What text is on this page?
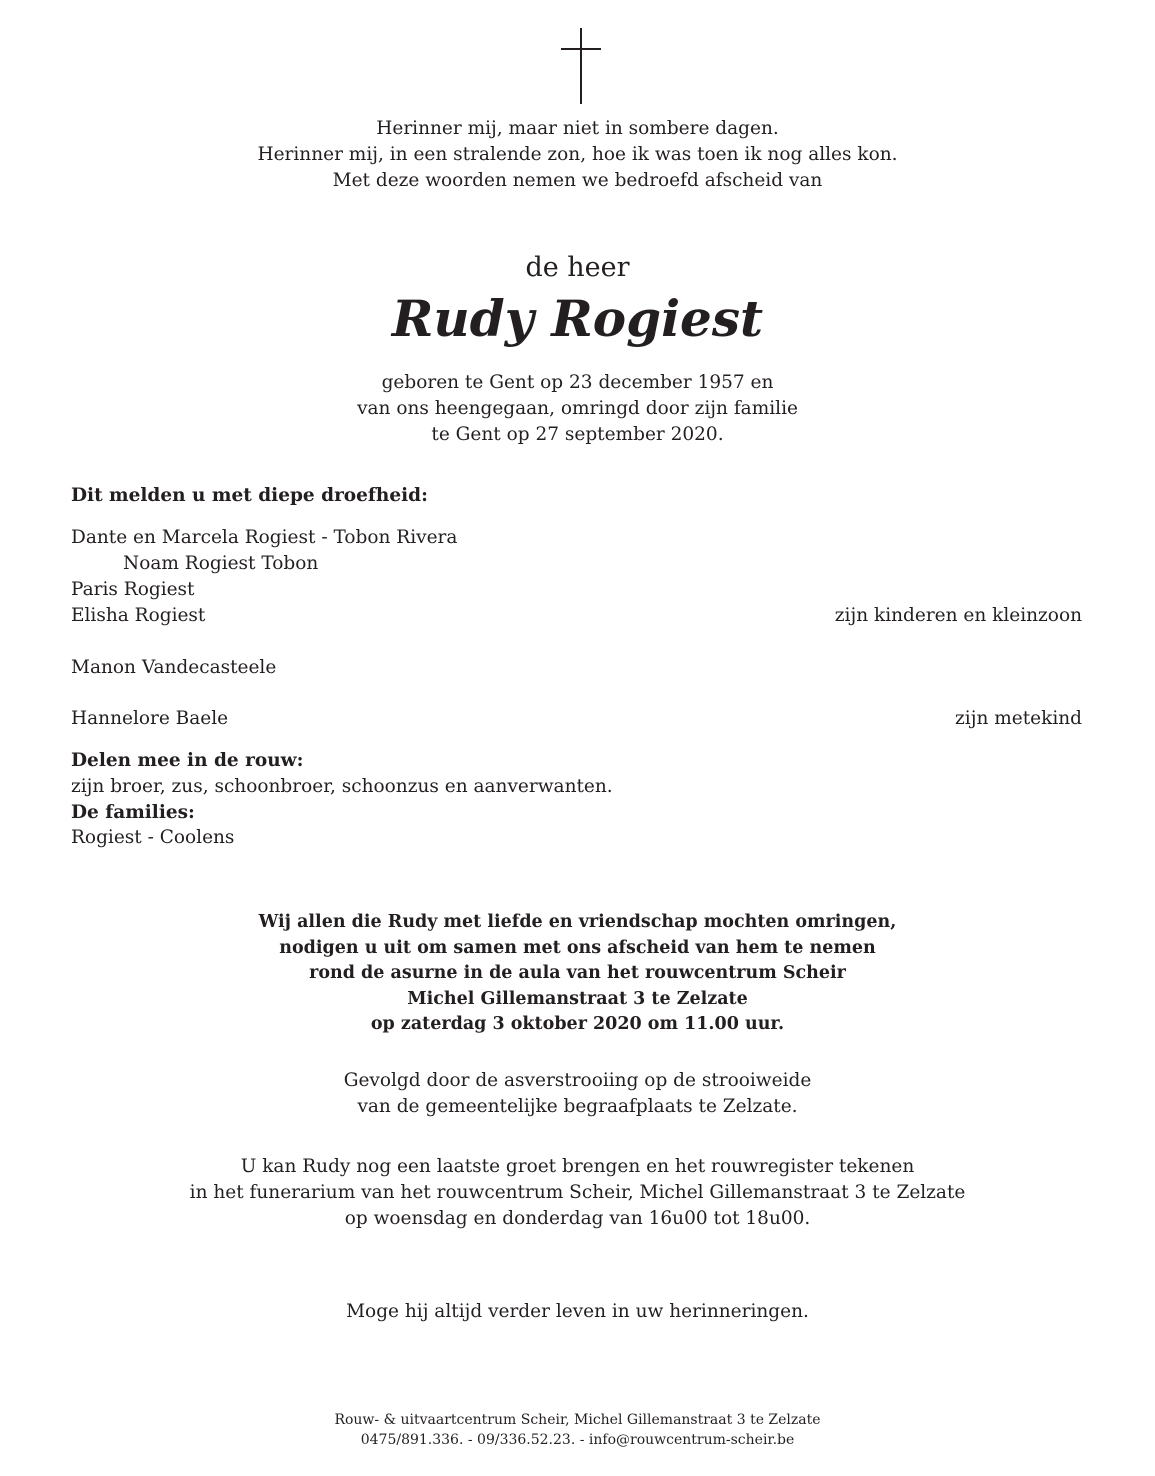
Herinner mij, maar niet in sombere dagen.
Herinner mij, in een stralende zon, hoe ik was toen ik nog alles kon.
Met deze woorden nemen we bedroefd afscheid van
de heer
Rudy Rogiest
geboren te Gent op 23 december 1957 en
van ons heengegaan, omringd door zijn familie
te Gent op 27 september 2020.
Dit melden u met diepe droefheid:
Dante en Marcela Rogiest - Tobon Rivera
Noam Rogiest Tobon
Paris Rogiest
Elisha Rogiest	zijn kinderen en kleinzoon
Manon Vandecasteele
Hannelore Baele	zijn metekind
Delen mee in de rouw:
zijn broer, zus, schoonbroer, schoonzus en aanverwanten.
De families:
Rogiest - Coolens
Wij allen die Rudy met liefde en vriendschap mochten omringen,
nodigen u uit om samen met ons afscheid van hem te nemen
rond de asurne in de aula van het rouwcentrum Scheir
Michel Gillemanstraat 3 te Zelzate
op zaterdag 3 oktober 2020 om 11.00 uur.
Gevolgd door de asverstrooiing op de strooiweide
van de gemeentelijke begraafplaats te Zelzate.
U kan Rudy nog een laatste groet brengen en het rouwregister tekenen
in het funerarium van het rouwcentrum Scheir, Michel Gillemanstraat 3 te Zelzate
op woensdag en donderdag van 16u00 tot 18u00.
Moge hij altijd verder leven in uw herinneringen.
Rouw- & uitvaartcentrum Scheir, Michel Gillemanstraat 3 te Zelzate
0475/891.336. - 09/336.52.23. - info@rouwcentrum-scheir.be
